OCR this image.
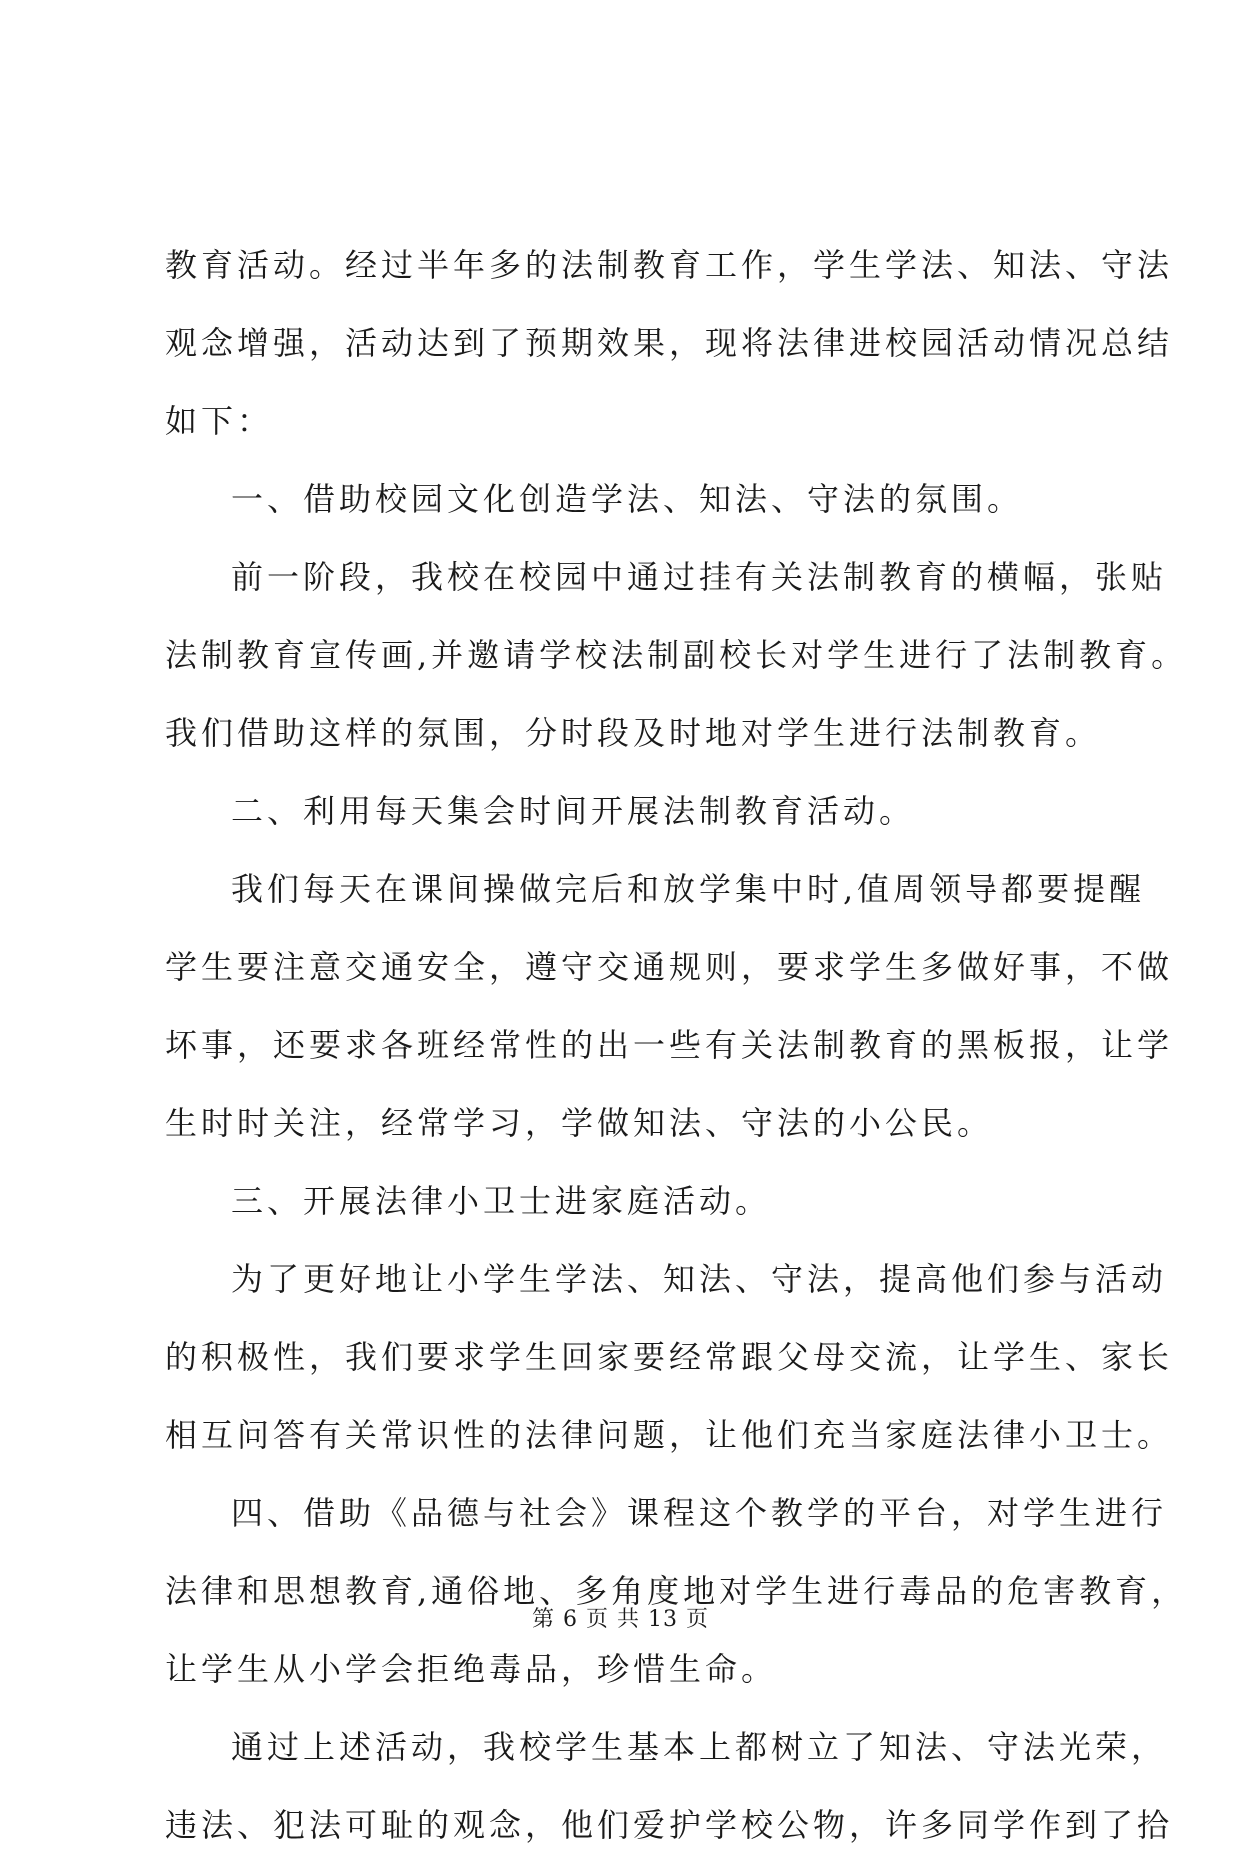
教育活动。经过半年多的法制教育工作，学生学法、知法、守法
观念增强，活动达到了预期效果，现将法律进校园活动情况总结
如下：
一、借助校园文化创造学法、知法、守法的氛围。
前一阶段，我校在校园中通过挂有关法制教育的横幅，张贴
法制教育宣传画,并邀请学校法制副校长对学生进行了法制教育。
我们借助这样的氛围，分时段及时地对学生进行法制教育。
二、利用每天集会时间开展法制教育活动。
我们每天在课间操做完后和放学集中时,值周领导都要提醒
学生要注意交通安全，遵守交通规则，要求学生多做好事，不做
坏事，还要求各班经常性的出一些有关法制教育的黑板报，让学
生时时关注，经常学习，学做知法、守法的小公民。
三、开展法律小卫士进家庭活动。
为了更好地让小学生学法、知法、守法，提高他们参与活动
的积极性，我们要求学生回家要经常跟父母交流，让学生、家长
相互问答有关常识性的法律问题，让他们充当家庭法律小卫士。
四、借助《品德与社会》课程这个教学的平台，对学生进行
法律和思想教育,通俗地、多角度地对学生进行毒品的危害教育，
让学生从小学会拒绝毒品，珍惜生命。
通过上述活动，我校学生基本上都树立了知法、守法光荣，
违法、犯法可耻的观念，他们爱护学校公物，许多同学作到了拾
第 6 页 共 13 页
